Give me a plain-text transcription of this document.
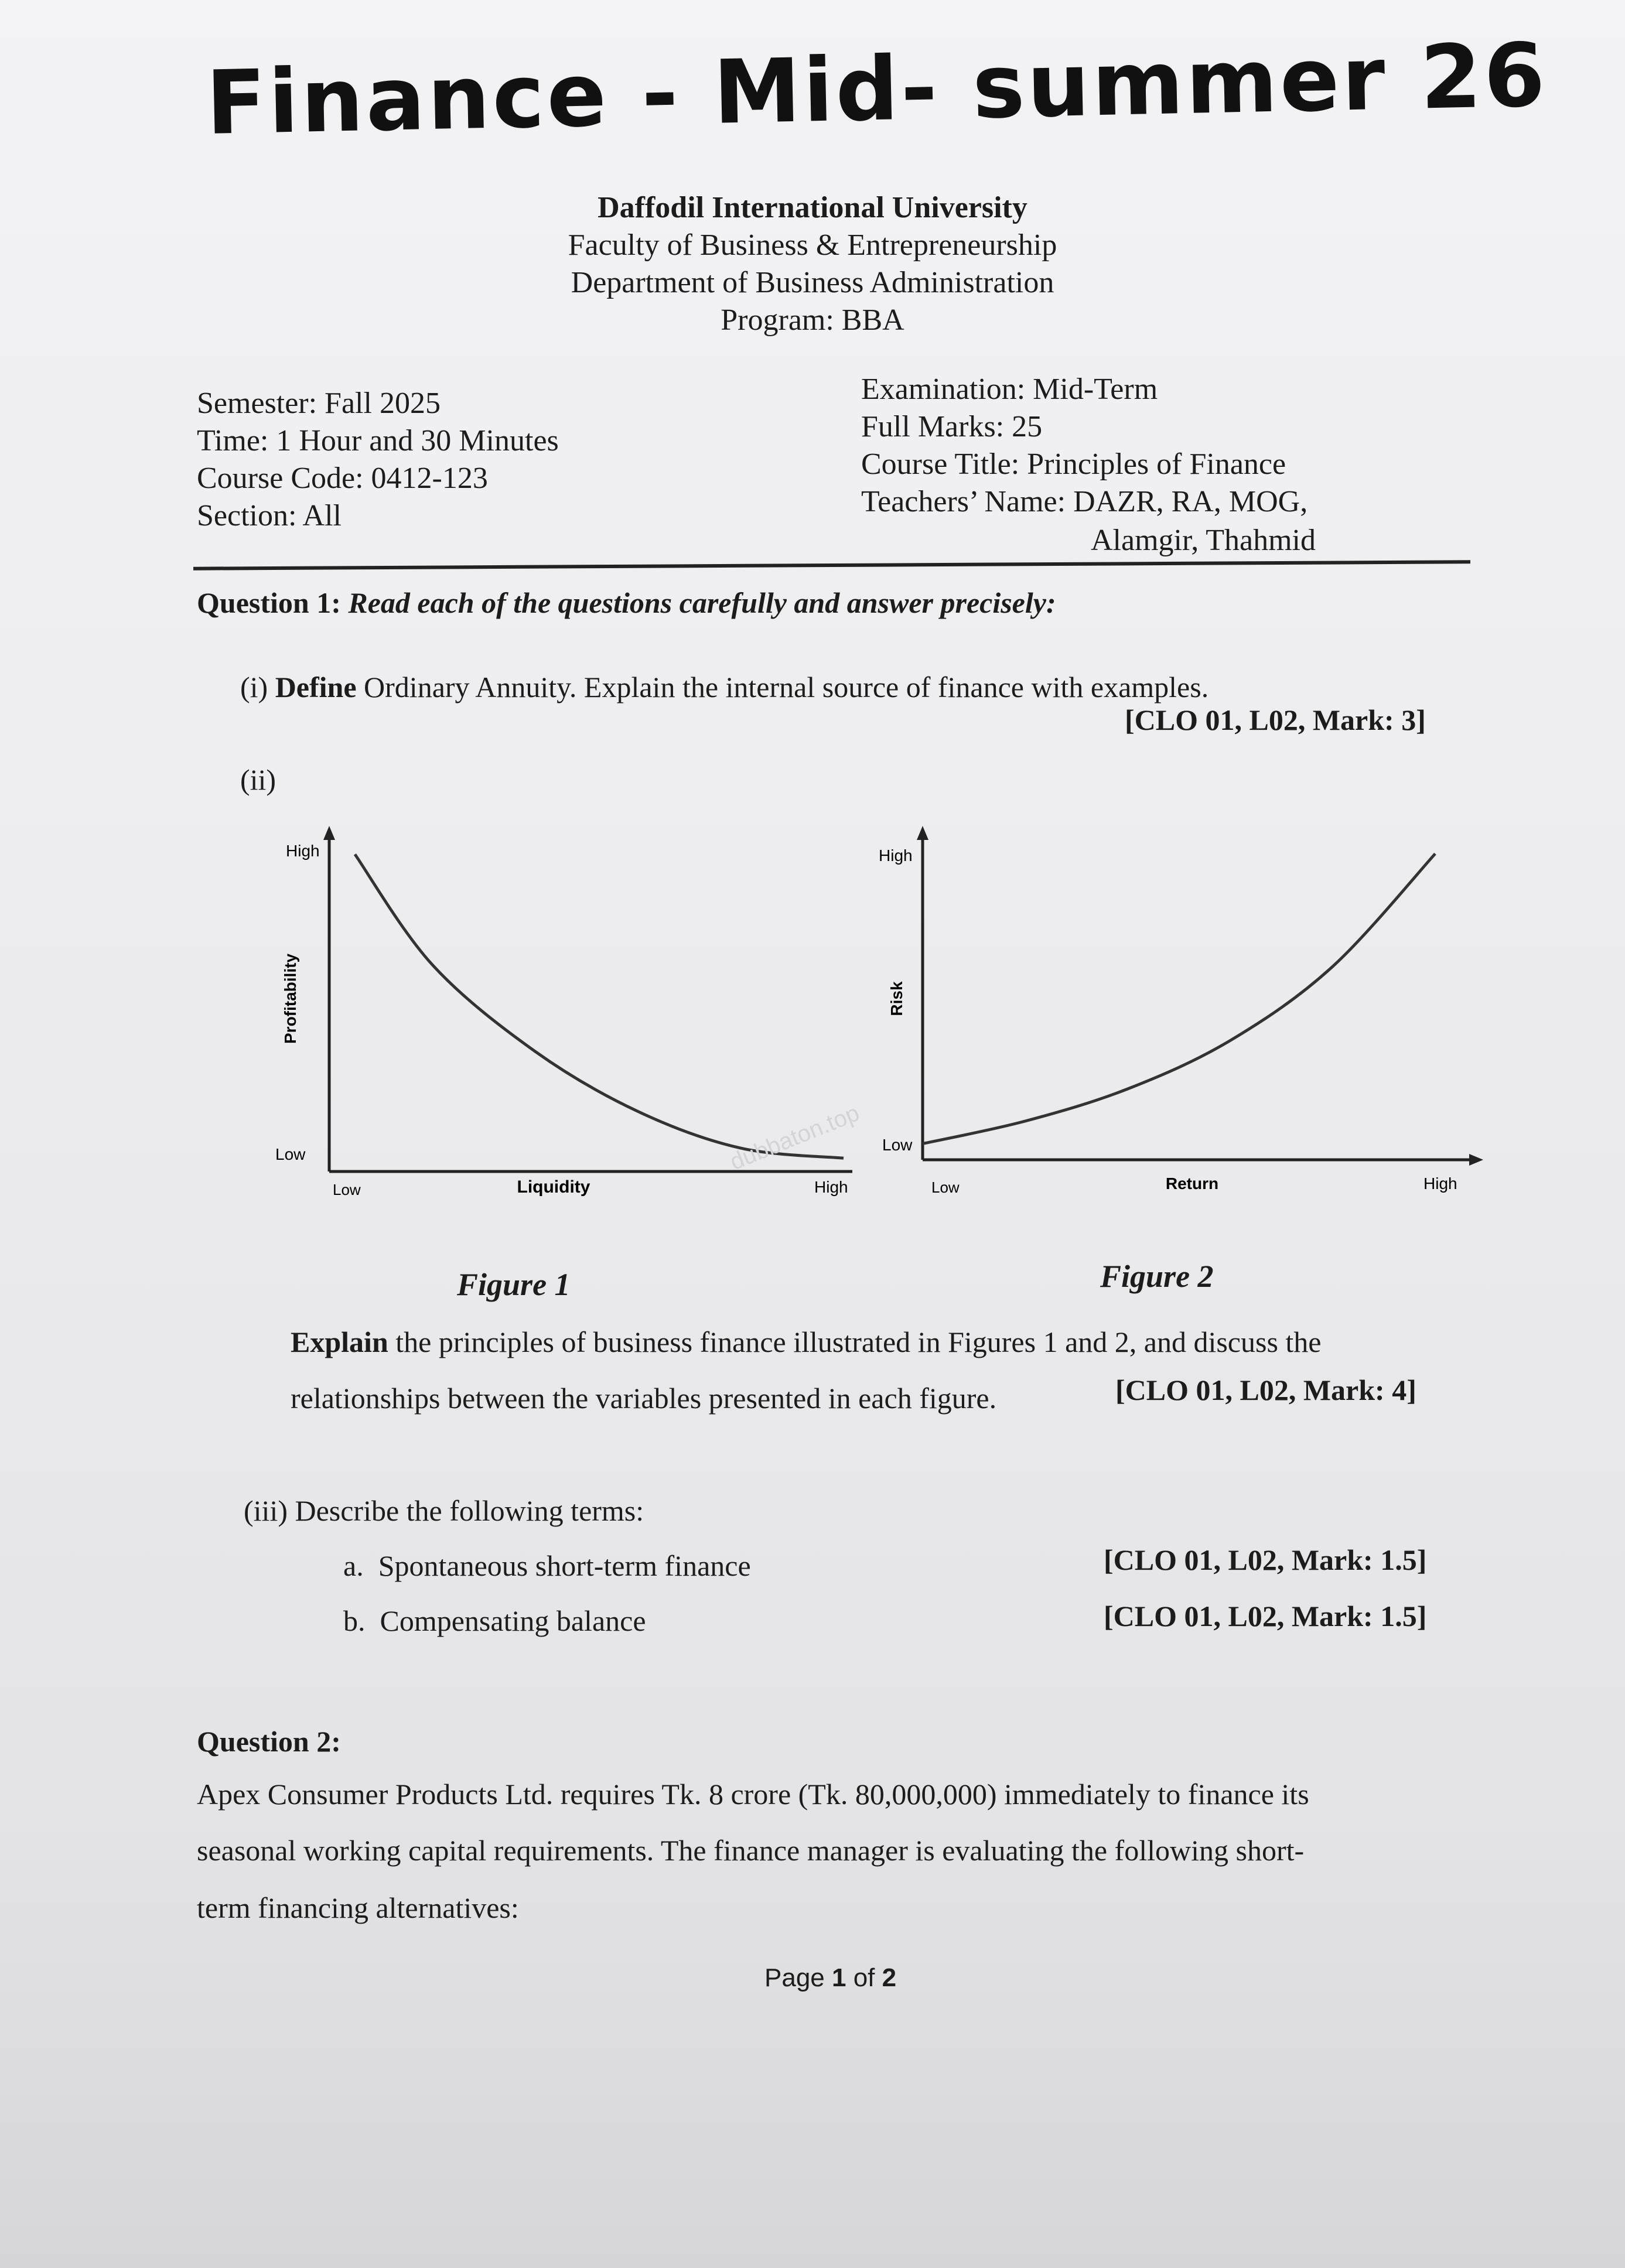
Finance - Mid- summer 26
Daffodil International University
Faculty of Business & Entrepreneurship
Department of Business Administration
Program: BBA
Semester: Fall 2025
Time: 1 Hour and 30 Minutes
Course Code: 0412-123
Section: All
Examination: Mid-Term
Full Marks: 25
Course Title: Principles of Finance
Teachers’ Name: DAZR, RA, MOG,
Alamgir, Thahmid
Question 1: Read each of the questions carefully and answer precisely:
(i) Define Ordinary Annuity. Explain the internal source of finance with examples.
[CLO 01, L02, Mark: 3]
(ii)
High
Low
Low	High
Liquidity
Profitability
High
Low
Low	High
Return
Risk
dubbaton.top
Figure 1	Figure 2
Explain the principles of business finance illustrated in Figures 1 and 2, and discuss the
relationships between the variables presented in each figure.	[CLO 01, L02, Mark: 4]
(iii) Describe the following terms:
a. Spontaneous short-term finance	[CLO 01, L02, Mark: 1.5]
b. Compensating balance	[CLO 01, L02, Mark: 1.5]
Question 2:
Apex Consumer Products Ltd. requires Tk. 8 crore (Tk. 80,000,000) immediately to finance its
seasonal working capital requirements. The finance manager is evaluating the following short-
term financing alternatives:
Page 1 of 2
